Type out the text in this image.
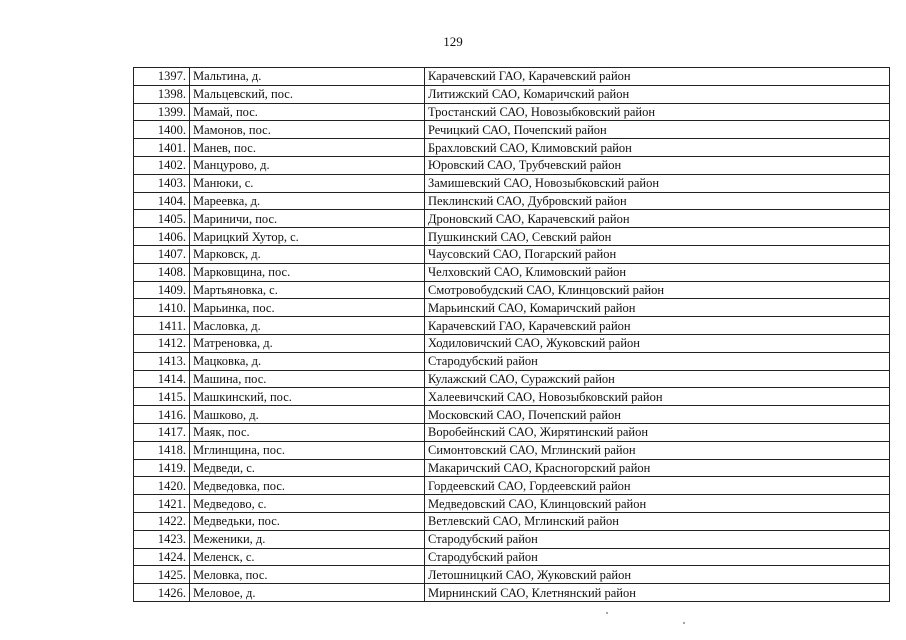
129
1397.	Мальтина, д.	Карачевский ГАО, Карачевский район
1398.	Мальцевский, пос.	Литижский САО, Комаричский район
1399.	Мамай, пос.	Тростанский САО, Новозыбковский район
1400.	Мамонов, пос.	Речицкий САО, Почепский район
1401.	Манев, пос.	Брахловский САО, Климовский район
1402.	Манцурово, д.	Юровский САО, Трубчевский район
1403.	Манюки, с.	Замишевский САО, Новозыбковский район
1404.	Мареевка, д.	Пеклинский САО, Дубровский район
1405.	Мариничи, пос.	Дроновский САО, Карачевский район
1406.	Марицкий Хутор, с.	Пушкинский САО, Севский район
1407.	Марковск, д.	Чаусовский САО, Погарский район
1408.	Марковщина, пос.	Челховский САО, Климовский район
1409.	Мартьяновка, с.	Смотровобудский САО, Клинцовский район
1410.	Марьинка, пос.	Марьинский САО, Комаричский район
1411.	Масловка, д.	Карачевский ГАО, Карачевский район
1412.	Матреновка, д.	Ходиловичский САО, Жуковский район
1413.	Мацковка, д.	Стародубский район
1414.	Машина, пос.	Кулажский САО, Суражский район
1415.	Машкинский, пос.	Халеевичский САО, Новозыбковский район
1416.	Машково, д.	Московский САО, Почепский район
1417.	Маяк, пос.	Воробейнский САО, Жирятинский район
1418.	Мглинщина, пос.	Симонтовский САО, Мглинский район
1419.	Медведи, с.	Макаричский САО, Красногорский район
1420.	Медведовка, пос.	Гордеевский САО, Гордеевский район
1421.	Медведово, с.	Медведовский САО, Клинцовский район
1422.	Медведьки, пос.	Ветлевский САО, Мглинский район
1423.	Меженики, д.	Стародубский район
1424.	Меленск, с.	Стародубский район
1425.	Меловка, пос.	Летошницкий САО, Жуковский район
1426.	Меловое, д.	Мирнинский САО, Клетнянский район
